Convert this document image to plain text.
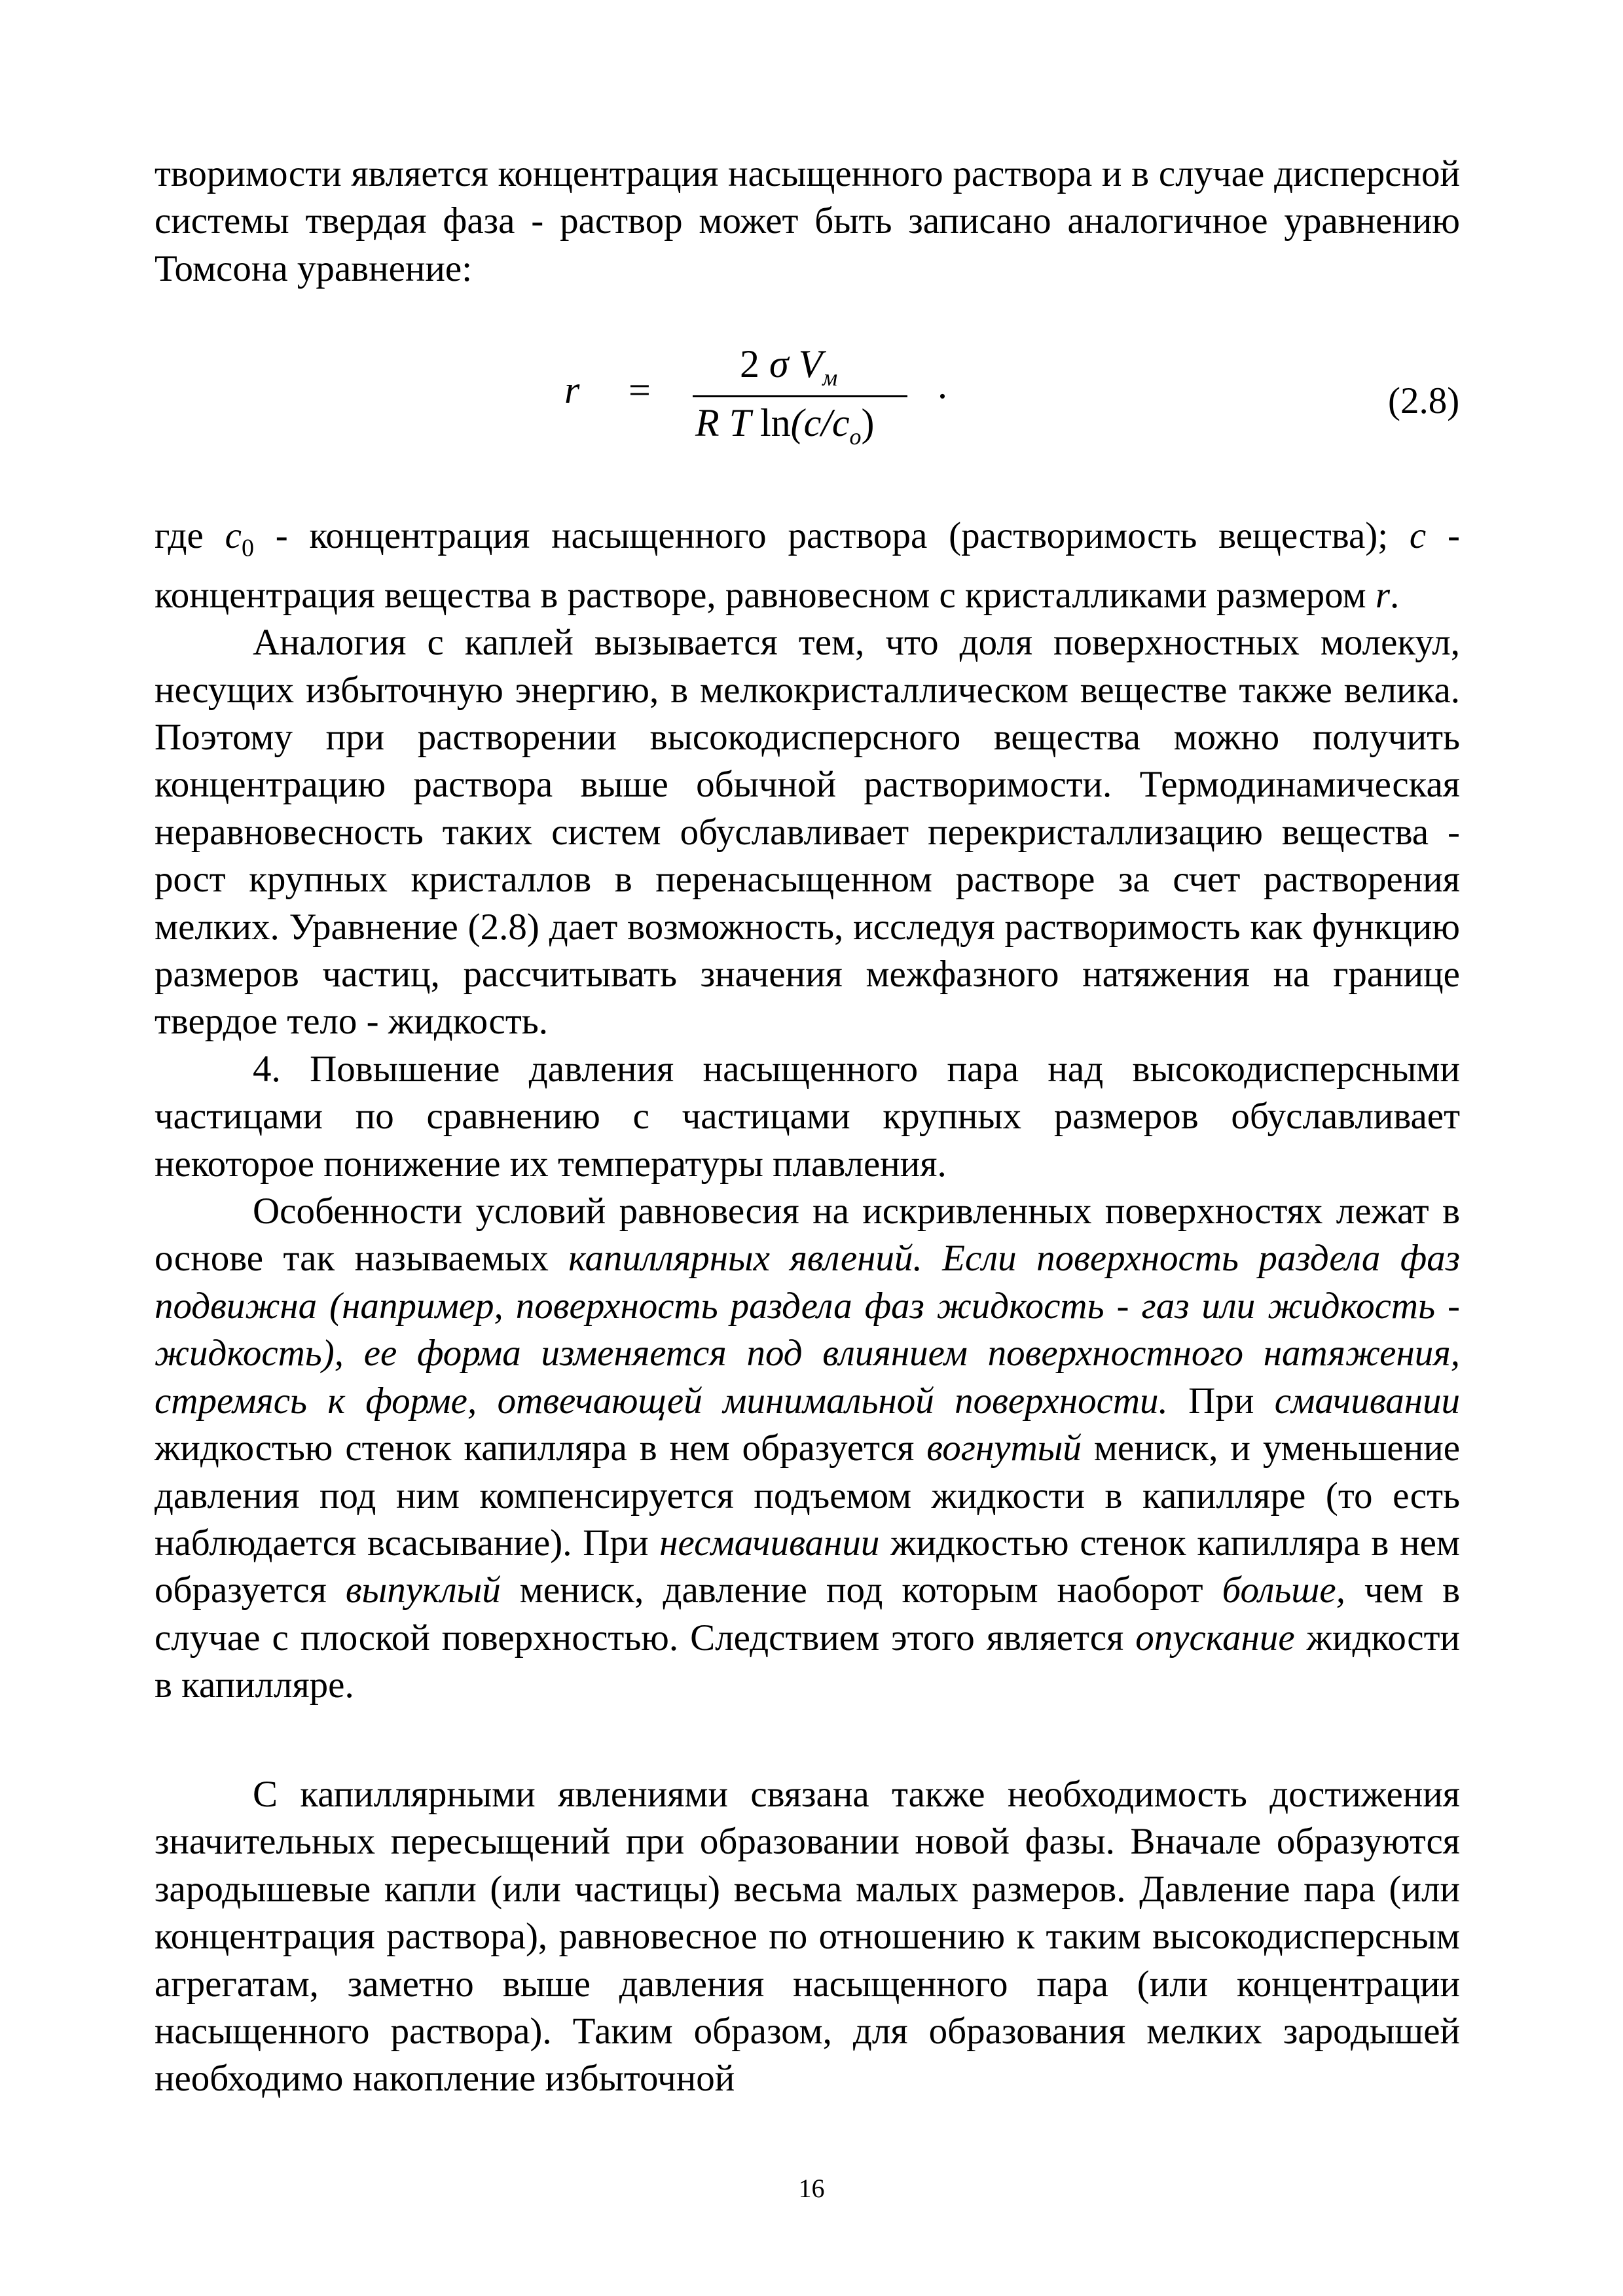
творимости является концентрация насыщенного раствора и в случае дисперсной системы твердая фаза - раствор может быть записано аналогичное уравнению Томсона уравнение:

r =
2 σ $V_м$
R T $\ln(c/c_o)$
.	(2.8)

где $c_0$ - концентрация насыщенного раствора (растворимость вещества); c - концентрация вещества в растворе, равновесном с кристалликами размером r.

Аналогия с каплей вызывается тем, что доля поверхностных молекул, несущих избыточную энергию, в мелкокристаллическом веществе также велика. Поэтому при растворении высокодисперсного вещества можно получить концентрацию раствора выше обычной растворимости. Термодинамическая неравновесность таких систем обуславливает перекристаллизацию вещества - рост крупных кристаллов в перенасыщенном растворе за счет растворения мелких. Уравнение (2.8) дает возможность, исследуя растворимость как функцию размеров частиц, рассчитывать значения межфазного натяжения на границе твердое тело - жидкость.

4. Повышение давления насыщенного пара над высокодисперсными частицами по сравнению с частицами крупных размеров обуславливает некоторое понижение их температуры плавления.

Особенности условий равновесия на искривленных поверхностях лежат в основе так называемых капиллярных явлений. Если поверхность раздела фаз подвижна (например, поверхность раздела фаз жидкость - газ или жидкость - жидкость), ее форма изменяется под влиянием поверхностного натяжения, стремясь к форме, отвечающей минимальной поверхности. При смачивании жидкостью стенок капилляра в нем образуется вогнутый мениск, и уменьшение давления под ним компенсируется подъемом жидкости в капилляре (то есть наблюдается всасывание). При несмачивании жидкостью стенок капилляра в нем образуется выпуклый мениск, давление под которым наоборот больше, чем в случае с плоской поверхностью. Следствием этого является опускание жидкости в капилляре.

С капиллярными явлениями связана также необходимость достижения значительных пересыщений при образовании новой фазы. Вначале образуются зародышевые капли (или частицы) весьма малых размеров. Давление пара (или концентрация раствора), равновесное по отношению к таким высокодисперсным агрегатам, заметно выше давления насыщенного пара (или концентрации насыщенного раствора). Таким образом, для образования мелких зародышей необходимо накопление избыточной

16
